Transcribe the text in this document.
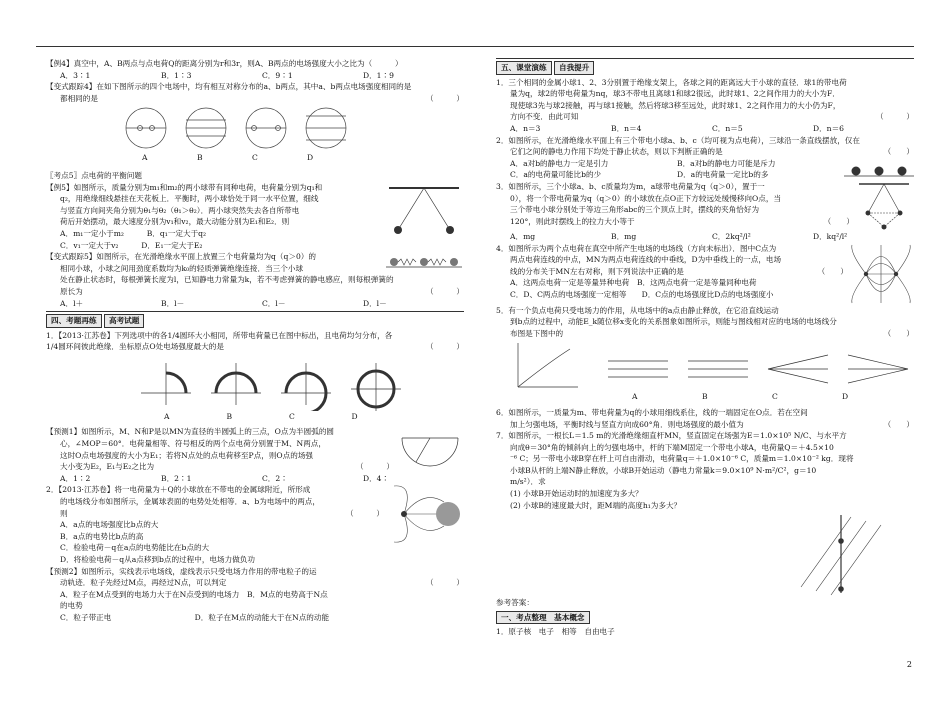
【例4】真空中，A、B两点与点电荷Q的距离分别为r和3r，则A、B两点的电场强度大小之比为（　　　）

A．3∶1	B．1∶3	C．9∶1	D．1∶9

【变式跟踪4】在如下图所示的四个电场中，均有相互对称分布的a、b两点，其中a、b两点电场强度相同的是

都相同的是	（　　　）

A	B	C	D

〖考点5〗点电荷的平衡问题

【例5】如图所示，质量分别为m₁和m₂的两小球带有同种电荷，电荷量分别为q₁和

q₂，用绝缘细线悬挂在天花板上．平衡时，两小球恰处于同一水平位置，细线

与竖直方向间夹角分别为θ₁与θ₂（θ₁＞θ₂）．两小球突然失去各自所带电

荷后开始摆动，最大速度分别为v₁和v₂，最大动能分别为E₁和E₂．则

A．m₁一定小于m₂　　　B．q₁一定大于q₂

C．v₁一定大于v₂　　　D．E₁一定大于E₂

【变式跟踪5】如图所示，在光滑绝缘水平面上放置三个电荷量均为q（q＞0）的

相同小球，小球之间用劲度系数均为k₀的轻质弹簧绝缘连接．当三个小球

处在静止状态时，每根弹簧长度为l，已知静电力常量为k，若不考虑弹簧的静电感应，则每根弹簧的

原长为	（　　　）

A．l＋	B．l－	C．l－	D．l－
四、考题再练 高考试题

1．【2013·江苏卷】下列选项中的各1/4圆环大小相同，所带电荷量已在图中标出，且电荷均匀分布，各

1/4圆环间彼此绝缘．坐标原点O处电场强度最大的是	（　　　）

A	B	C	D

【预测1】如图所示，M、N和P是以MN为直径的半圆弧上的三点，O点为半圆弧的圆

心，∠MOP＝60°．电荷量相等、符号相反的两个点电荷分别置于M、N两点，

这时O点电场强度的大小为E₁；若将N点处的点电荷移至P点，则O点的场强

大小变为E₂，E₁与E₂之比为	（　　　）

A．1∶2	B．2∶1	C．2∶	D．4∶

2．【2013·江苏卷】将一电荷量为＋Q的小球放在不带电的金属球附近，所形成

的电场线分布如图所示，金属球表面的电势处处相等．a、b为电场中的两点，

则	（　　　）

A．a点的电场强度比b点的大

B．a点的电势比b点的高

C．检验电荷－q在a点的电势能比在b点的大

D．将检验电荷－q从a点移到b点的过程中，电场力做负功

【预测2】如图所示，实线表示电场线，虚线表示只受电场力作用的带电粒子的运

动轨迹．粒子先经过M点，再经过N点，可以判定	（　　　）

A．粒子在M点受到的电场力大于在N点受到的电场力　B．M点的电势高于N点

的电势

C．粒子带正电	D．粒子在M点的动能大于在N点的动能
五、课堂演练 自我提升

1．三个相同的金属小球1、2、3分别置于绝缘支架上，各球之间的距离远大于小球的直径．球1的带电荷

量为q，球2的带电荷量为nq，球3不带电且离球1和球2很远，此时球1、2之间作用力的大小为F．

现使球3先与球2接触，再与球1接触，然后将球3移至远处，此时球1、2之间作用力的大小仍为F，

方向不变．由此可知	（　　　）

A．n＝3	B．n＝4	C．n＝5	D．n＝6

2．如图所示，在光滑绝缘水平面上有三个带电小球a、b、c（均可视为点电荷），三球沿一条直线摆放，仅在

它们之间的静电力作用下均处于静止状态，则以下判断正确的是	（　　）

A．a对b的静电力一定是引力	B．a对b的静电力可能是斥力
C．a的电荷量可能比b的少	D．a的电荷量一定比b的多

3．如图所示，三个小球a、b、c质量均为m，a球带电荷量为q（q＞0），置于一

0），将一个带电荷量为q（q＞0）的小球放在点O正下方较远处缓慢移向O点，当

三个带电小球分别处于等边三角形abc的三个顶点上时，摆线的夹角恰好为

120°，则此时摆线上的拉力大小等于	（　　）

A．mg	B．mg	C．2kq²/l²	D．kq²/l²

4．如图所示为两个点电荷在真空中所产生电场的电场线（方向未标出）．图中C点为

两点电荷连线的中点，MN为两点电荷连线的中垂线，D为中垂线上的一点，电场

线的分布关于MN左右对称，则下列说法中正确的是	（　　）

A．这两点电荷一定是等量异种电荷　B．这两点电荷一定是等量同种电荷

C．D、C两点的电场强度一定相等　　D．C点的电场强度比D点的电场强度小

5．有一个负点电荷只受电场力的作用，从电场中的a点由静止释放，在它沿直线运动

到b点的过程中，动能E_k随位移x变化的关系图象如图所示，则能与图线相对应的电场的电场线分

布图是下图中的	（　　）

A	B	C	D

6．如图所示，一质量为m、带电荷量为q的小球用细线系住，线的一端固定在O点．若在空间

加上匀强电场，平衡时线与竖直方向成60°角．则电场强度的最小值为	（　　）

7．如图所示，一根长L＝1.5 m的光滑绝缘细直杆MN，竖直固定在场强为E＝1.0×10⁵ N/C、与水平方

向成θ＝30°角的倾斜向上的匀强电场中，杆的下端M固定一个带电小球A，电荷量Q＝＋4.5×10

⁻⁶ C；另一带电小球B穿在杆上可自由滑动，电荷量q＝＋1.0×10⁻⁶ C，质量m＝1.0×10⁻² kg．现将

小球B从杆的上端N静止释放，小球B开始运动（静电力常量k＝9.0×10⁹ N·m²/C²，g＝10

m/s²）．求

(1) 小球B开始运动时的加速度为多大？

(2) 小球B的速度最大时，距M端的高度h₁为多大？

参考答案：

一、考点整理　基本概念

1．原子核　电子　相等　自由电子

2
